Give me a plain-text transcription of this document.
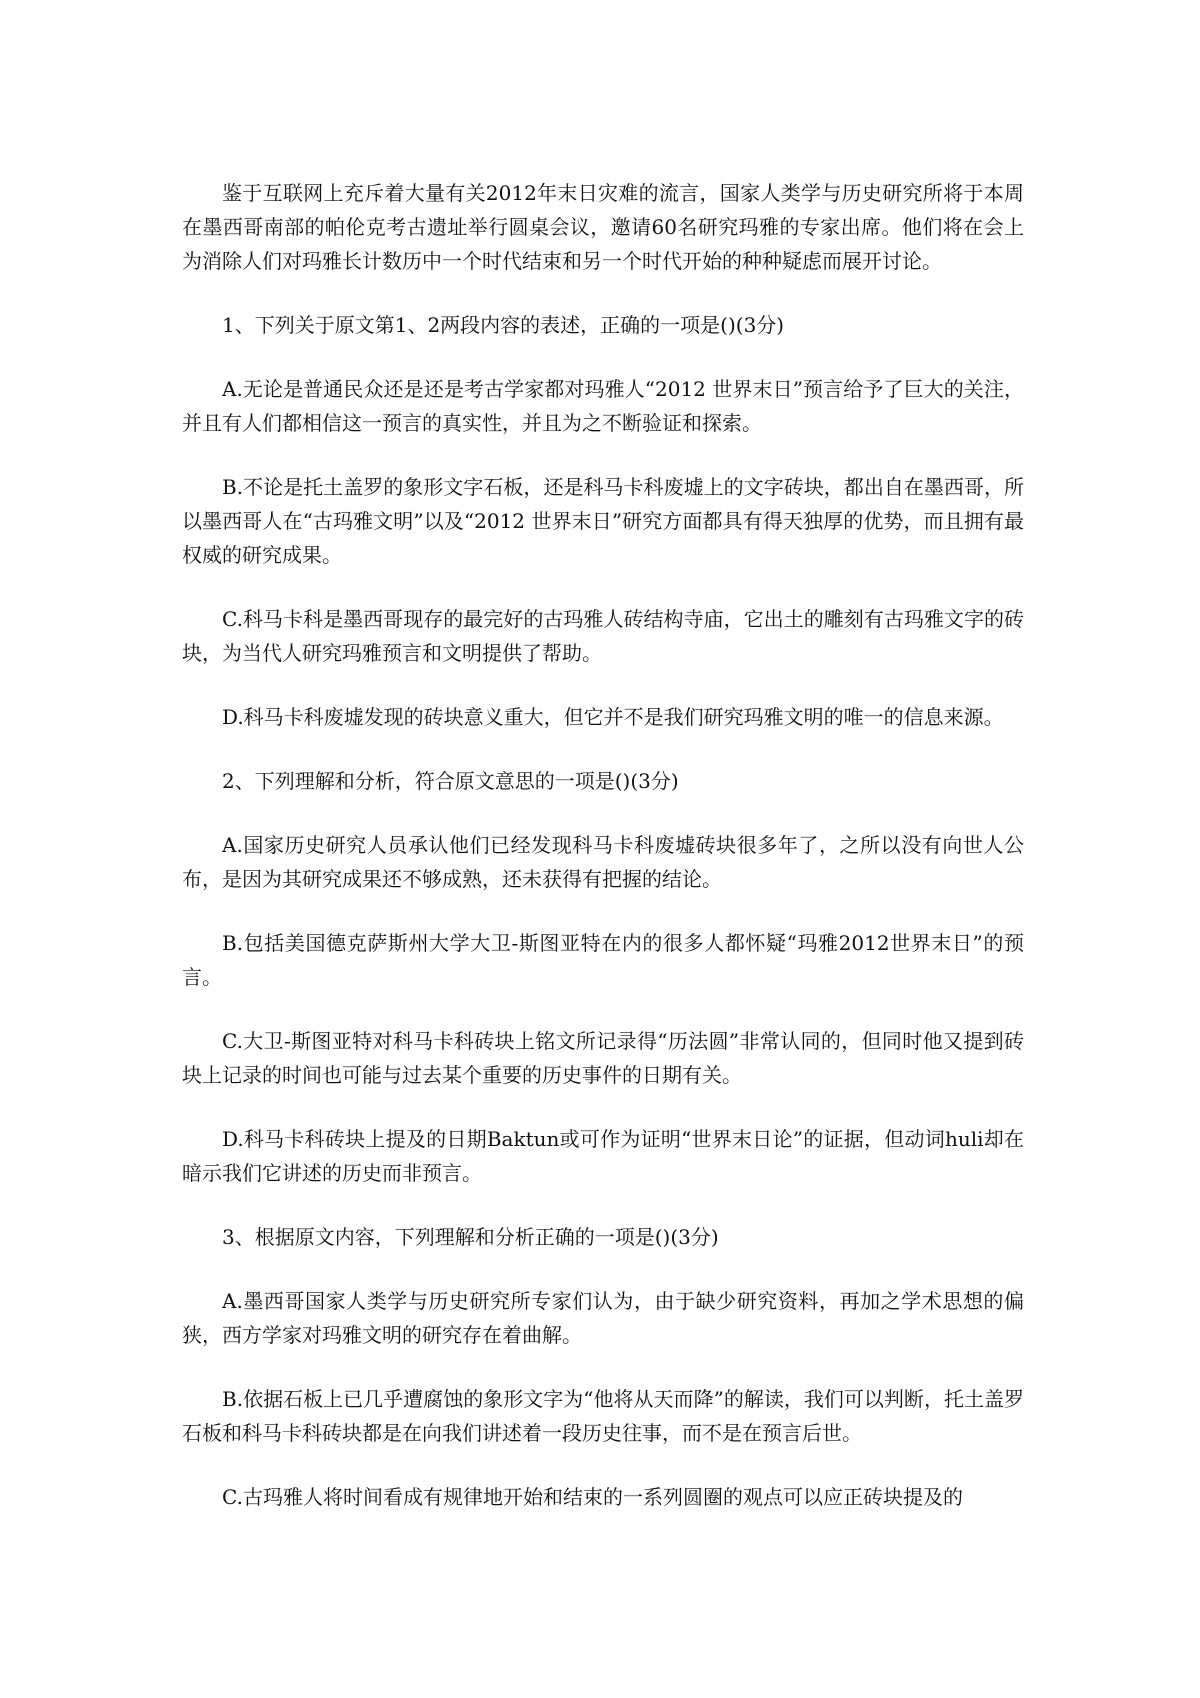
鉴于互联网上充斥着大量有关2012年末日灾难的流言，国家人类学与历史研究所将于本周在墨西哥南部的帕伦克考古遗址举行圆桌会议，邀请60名研究玛雅的专家出席。他们将在会上为消除人们对玛雅长计数历中一个时代结束和另一个时代开始的种种疑虑而展开讨论。

1、下列关于原文第1、2两段内容的表述，正确的一项是()(3分)

A.无论是普通民众还是还是考古学家都对玛雅人“2012 世界末日”预言给予了巨大的关注，并且有人们都相信这一预言的真实性，并且为之不断验证和探索。

B.不论是托土盖罗的象形文字石板，还是科马卡科废墟上的文字砖块，都出自在墨西哥，所以墨西哥人在“古玛雅文明”以及“2012 世界末日”研究方面都具有得天独厚的优势，而且拥有最权威的研究成果。

C.科马卡科是墨西哥现存的最完好的古玛雅人砖结构寺庙，它出土的雕刻有古玛雅文字的砖块，为当代人研究玛雅预言和文明提供了帮助。

D.科马卡科废墟发现的砖块意义重大，但它并不是我们研究玛雅文明的唯一的信息来源。

2、下列理解和分析，符合原文意思的一项是()(3分)

A.国家历史研究人员承认他们已经发现科马卡科废墟砖块很多年了，之所以没有向世人公布，是因为其研究成果还不够成熟，还未获得有把握的结论。

B.包括美国德克萨斯州大学大卫-斯图亚特在内的很多人都怀疑“玛雅2012世界末日”的预言。

C.大卫-斯图亚特对科马卡科砖块上铭文所记录得“历法圆”非常认同的，但同时他又提到砖块上记录的时间也可能与过去某个重要的历史事件的日期有关。

D.科马卡科砖块上提及的日期Baktun或可作为证明“世界末日论”的证据，但动词huli却在暗示我们它讲述的历史而非预言。

3、根据原文内容，下列理解和分析正确的一项是()(3分)

A.墨西哥国家人类学与历史研究所专家们认为，由于缺少研究资料，再加之学术思想的偏狭，西方学家对玛雅文明的研究存在着曲解。

B.依据石板上已几乎遭腐蚀的象形文字为“他将从天而降”的解读，我们可以判断，托土盖罗石板和科马卡科砖块都是在向我们讲述着一段历史往事，而不是在预言后世。

C.古玛雅人将时间看成有规律地开始和结束的一系列圆圈的观点可以应正砖块提及的
